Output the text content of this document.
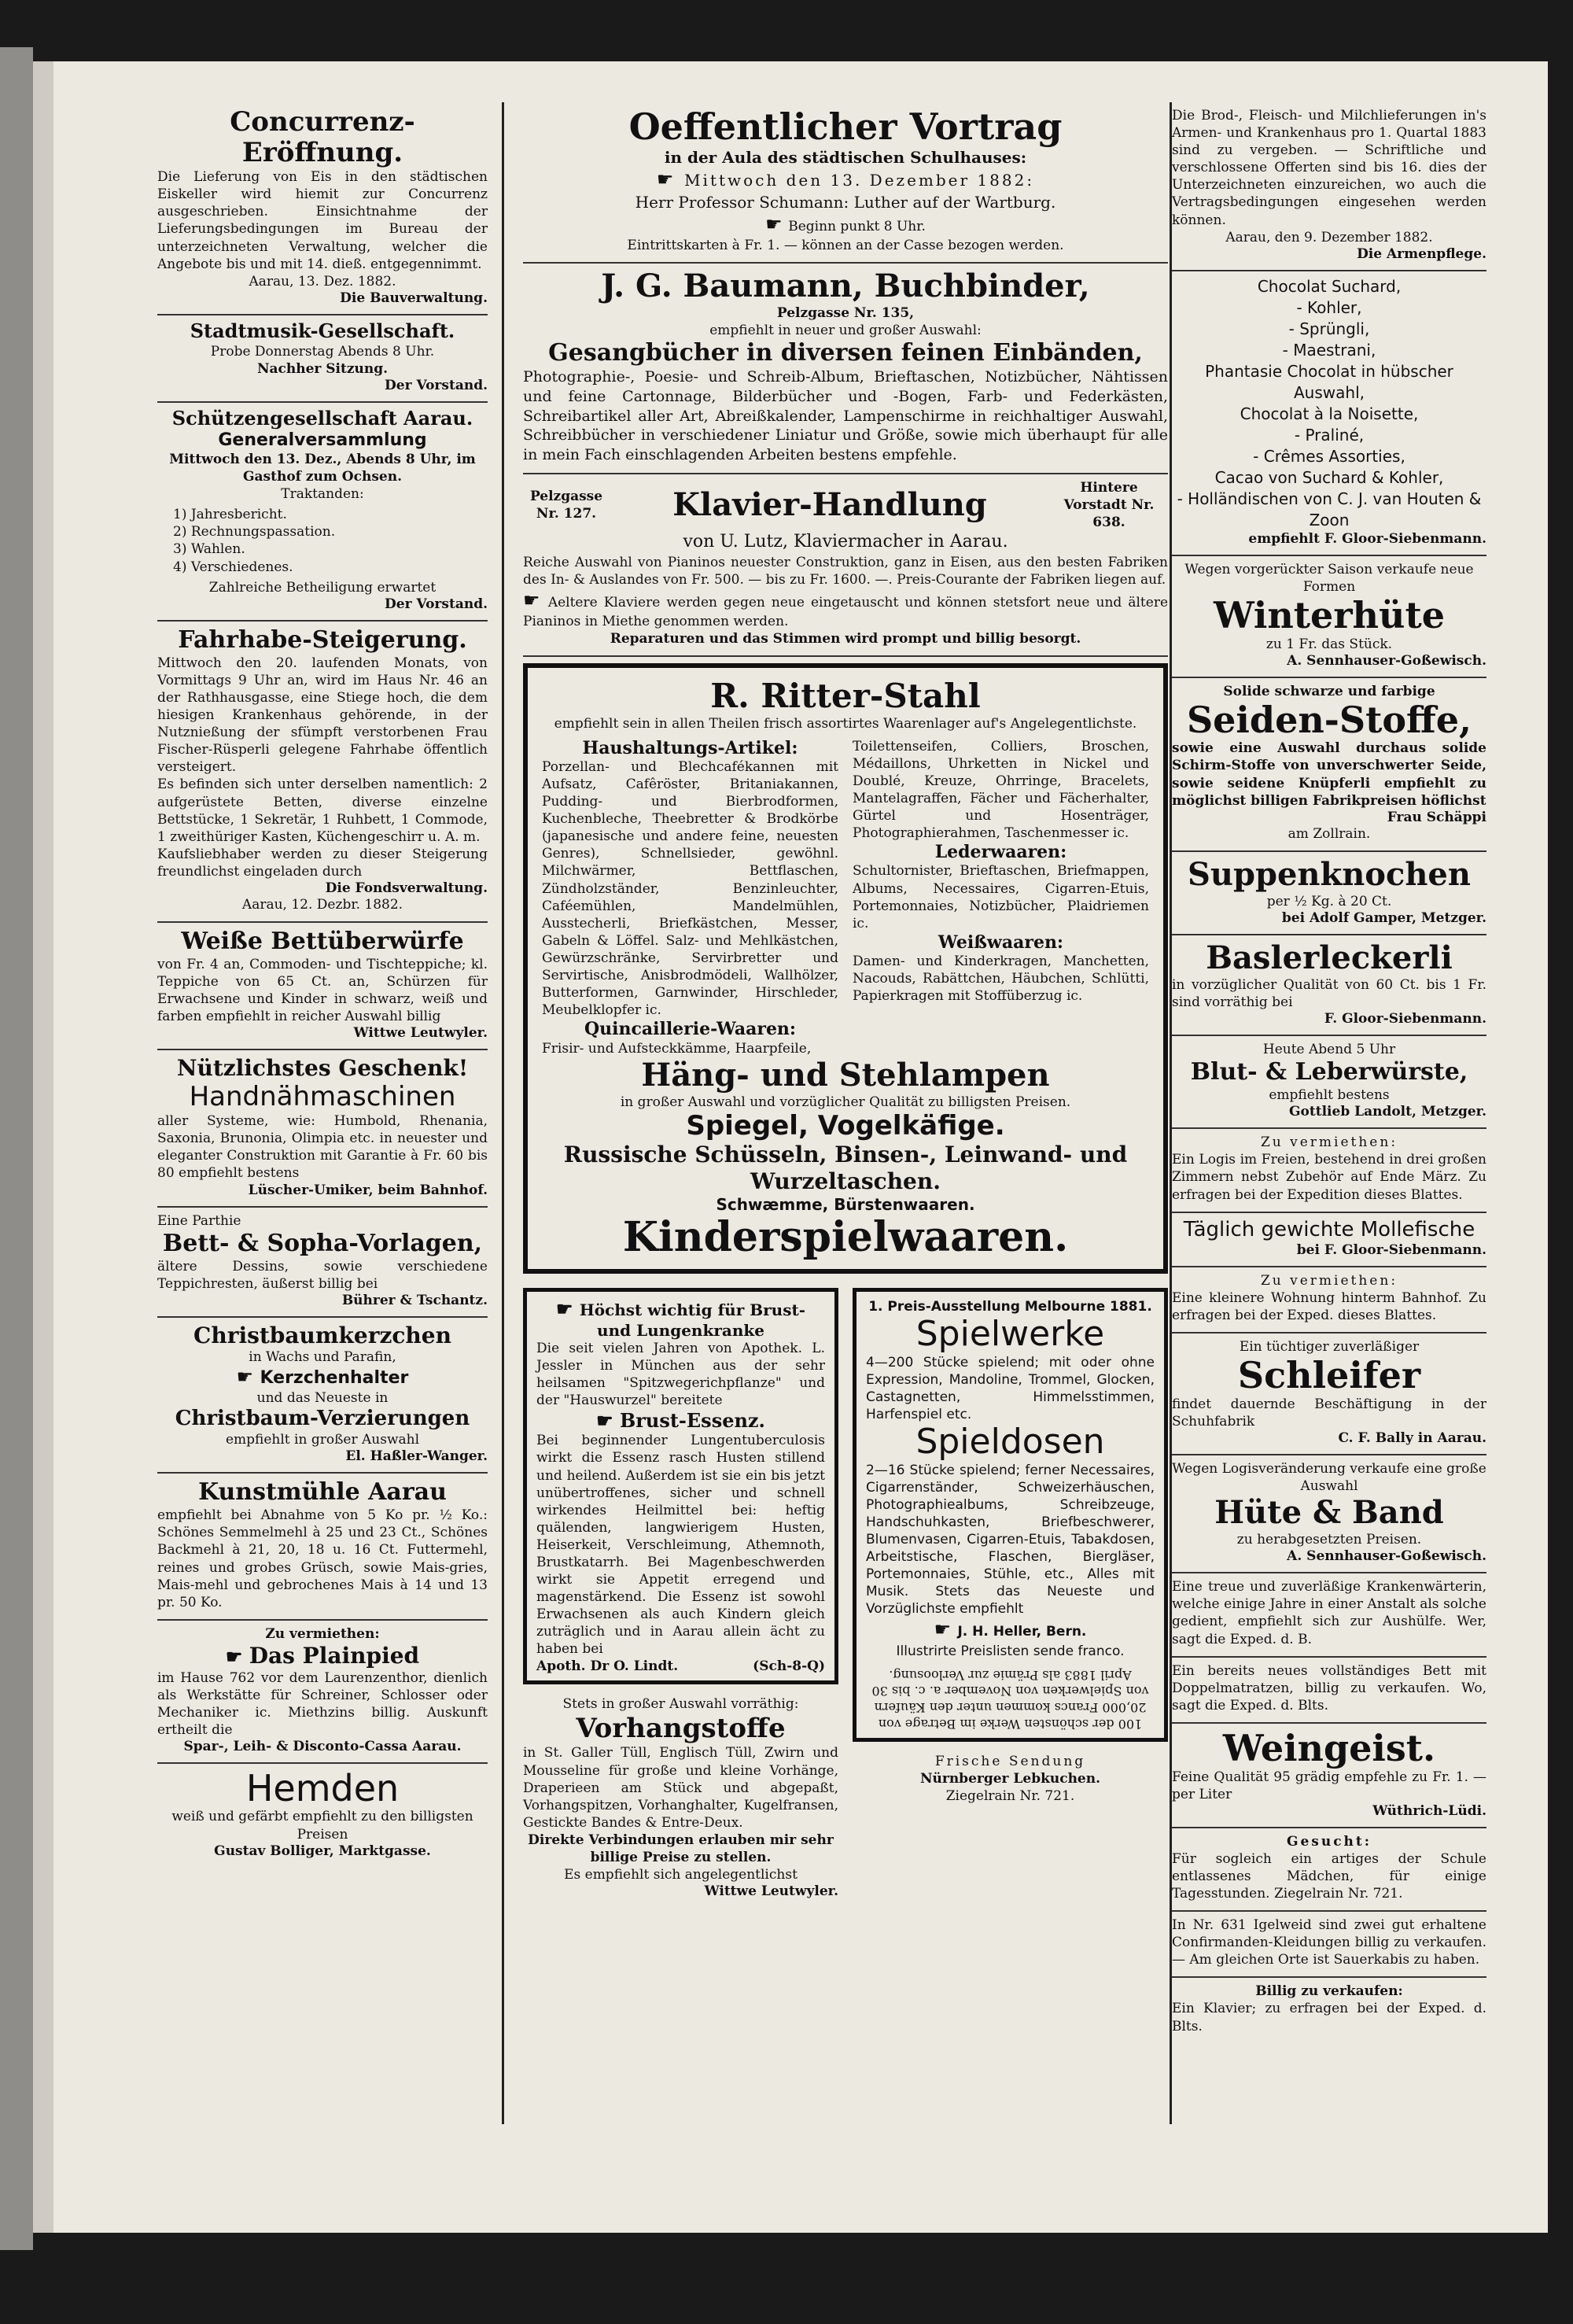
Concurrenz-Eröffnung.
Die Lieferung von Eis in den städtischen Eiskeller wird hiemit zur Concurrenz ausgeschrieben. Einsichtnahme der Lieferungsbedingungen im Bureau der unterzeichneten Verwaltung, welcher die Angebote bis und mit 14. dieß. entgegennimmt.
Aarau, 13. Dez. 1882.
Die Bauverwaltung.
Stadtmusik-Gesellschaft.
Probe Donnerstag Abends 8 Uhr.
Nachher Sitzung.
Der Vorstand.
Schützengesellschaft Aarau.
Generalversammlung
Mittwoch den 13. Dez., Abends 8 Uhr, im Gasthof zum Ochsen.
Traktanden:
1) Jahresbericht.
2) Rechnungspassation.
3) Wahlen.
4) Verschiedenes.
Zahlreiche Betheiligung erwartet
Der Vorstand.
Fahrhabe-Steigerung.
Mittwoch den 20. laufenden Monats, von Vormittags 9 Uhr an, wird im Haus Nr. 46 an der Rathhausgasse, eine Stiege hoch, die dem hiesigen Krankenhaus gehörende, in der Nutznießung der sfümpft verstorbenen Frau Fischer-Rüsperli gelegene Fahrhabe öffentlich versteigert.
Es befinden sich unter derselben namentlich: 2 aufgerüstete Betten, diverse einzelne Bettstücke, 1 Sekretär, 1 Ruhbett, 1 Commode, 1 zweithüriger Kasten, Küchengeschirr u. A. m.
Kaufsliebhaber werden zu dieser Steigerung freundlichst eingeladen durch
Die Fondsverwaltung.
Aarau, 12. Dezbr. 1882.
Weiße Bettüberwürfe
von Fr. 4 an, Commoden- und Tischteppiche; kl. Teppiche von 65 Ct. an, Schürzen für Erwachsene und Kinder in schwarz, weiß und farben empfiehlt in reicher Auswahl billig
Wittwe Leutwyler.
Nützlichstes Geschenk!
Handnähmaschinen
aller Systeme, wie: Humbold, Rhenania, Saxonia, Brunonia, Olimpia etc. in neuester und eleganter Construktion mit Garantie à Fr. 60 bis 80 empfiehlt bestens
Lüscher-Umiker, beim Bahnhof.
Eine Parthie
Bett- & Sopha-Vorlagen,
ältere Dessins, sowie verschiedene Teppichresten, äußerst billig bei
Bührer & Tschantz.
Christbaumkerzchen
in Wachs und Parafin,
☛ Kerzchenhalter
und das Neueste in
Christbaum-Verzierungen
empfiehlt in großer Auswahl
El. Haßler-Wanger.
Kunstmühle Aarau
empfiehlt bei Abnahme von 5 Ko pr. ½ Ko.: Schönes Semmelmehl à 25 und 23 Ct., Schönes Backmehl à 21, 20, 18 u. 16 Ct. Futtermehl, reines und grobes Grüsch, sowie Mais-gries, Mais-mehl und gebrochenes Mais à 14 und 13 pr. 50 Ko.
Zu vermiethen:
☛ Das Plainpied
im Hause 762 vor dem Laurenzenthor, dienlich als Werkstätte für Schreiner, Schlosser oder Mechaniker ic. Miethzins billig. Auskunft ertheilt die
Spar-, Leih- & Disconto-Cassa Aarau.
Hemden
weiß und gefärbt empfiehlt zu den billigsten Preisen
Gustav Bolliger, Marktgasse.
Oeffentlicher Vortrag
in der Aula des städtischen Schulhauses:
☛ Mittwoch den 13. Dezember 1882:
Herr Professor Schumann: Luther auf der Wartburg.
☛ Beginn punkt 8 Uhr.
Eintrittskarten à Fr. 1. — können an der Casse bezogen werden.
J. G. Baumann, Buchbinder,
Pelzgasse Nr. 135,
empfiehlt in neuer und großer Auswahl:
Gesangbücher in diversen feinen Einbänden,
Photographie-, Poesie- und Schreib-Album, Brieftaschen, Notizbücher, Nähtissen und feine Cartonnage, Bilderbücher und -Bogen, Farb- und Federkästen, Schreibartikel aller Art, Abreißkalender, Lampenschirme in reichhaltiger Auswahl, Schreibbücher in verschiedener Liniatur und Größe, sowie mich überhaupt für alle in mein Fach einschlagenden Arbeiten bestens empfehle.
Pelzgasse Nr. 127.	Klavier-Handlung	Hintere Vorstadt Nr. 638.
von U. Lutz, Klaviermacher in Aarau.
Reiche Auswahl von Pianinos neuester Construktion, ganz in Eisen, aus den besten Fabriken des In- & Auslandes von Fr. 500. — bis zu Fr. 1600. —. Preis-Courante der Fabriken liegen auf.
☛ Aeltere Klaviere werden gegen neue eingetauscht und können stetsfort neue und ältere Pianinos in Miethe genommen werden.
Reparaturen und das Stimmen wird prompt und billig besorgt.
R. Ritter-Stahl
empfiehlt sein in allen Theilen frisch assortirtes Waarenlager auf's Angelegentlichste.
Haushaltungs-Artikel:
Porzellan- und Blechcafékannen mit Aufsatz, Cafêröster, Britaniakannen, Pudding- und Bierbrodformen, Kuchenbleche, Theebretter & Brodkörbe (japanesische und andere feine, neuesten Genres), Schnellsieder, gewöhnl. Milchwärmer, Bettflaschen, Zündholzständer, Benzinleuchter, Caféemühlen, Mandelmühlen, Ausstecherli, Briefkästchen, Messer, Gabeln & Löffel. Salz- und Mehlkästchen, Gewürzschränke, Servirbretter und Servirtische, Anisbrodmödeli, Wallhölzer, Butterformen, Garnwinder, Hirschleder, Meubelklopfer ic.
Quincaillerie-Waaren:
Frisir- und Aufsteckkämme, Haarpfeile,
Toilettenseifen, Colliers, Broschen, Médaillons, Uhrketten in Nickel und Doublé, Kreuze, Ohrringe, Bracelets, Mantelagraffen, Fächer und Fächerhalter, Gürtel und Hosenträger, Photographierahmen, Taschenmesser ic.
Lederwaaren:
Schultornister, Brieftaschen, Briefmappen, Albums, Necessaires, Cigarren-Etuis, Portemonnaies, Notizbücher, Plaidriemen ic.
Weißwaaren:
Damen- und Kinderkragen, Manchetten, Nacouds, Rabättchen, Häubchen, Schlütti, Papierkragen mit Stoffüberzug ic.
Häng- und Stehlampen
in großer Auswahl und vorzüglicher Qualität zu billigsten Preisen.
Spiegel, Vogelkäfige.
Russische Schüsseln, Binsen-, Leinwand- und Wurzeltaschen.
Schwæmme, Bürstenwaaren.
Kinderspielwaaren.
☛ Höchst wichtig für Brust- und Lungenkranke
Die seit vielen Jahren von Apothek. L. Jessler in München aus der sehr heilsamen "Spitzwegerichpflanze" und der "Hauswurzel" bereitete
☛ Brust-Essenz.
Bei beginnender Lungentuberculosis wirkt die Essenz rasch Husten stillend und heilend. Außerdem ist sie ein bis jetzt unübertroffenes, sicher und schnell wirkendes Heilmittel bei: heftig quälenden, langwierigem Husten, Heiserkeit, Verschleimung, Athemnoth, Brustkatarrh. Bei Magenbeschwerden wirkt sie Appetit erregend und magenstärkend. Die Essenz ist sowohl Erwachsenen als auch Kindern gleich zuträglich und in Aarau allein ächt zu haben bei
Apoth. Dr O. Lindt.	(Sch-8-Q)
Stets in großer Auswahl vorräthig:
Vorhangstoffe
in St. Galler Tüll, Englisch Tüll, Zwirn und Mousseline für große und kleine Vorhänge, Draperieen am Stück und abgepaßt, Vorhangspitzen, Vorhanghalter, Kugelfransen, Gestickte Bandes & Entre-Deux.
Direkte Verbindungen erlauben mir sehr billige Preise zu stellen.
Es empfiehlt sich angelegentlichst
Wittwe Leutwyler.
1. Preis-Ausstellung Melbourne 1881.
Spielwerke
4—200 Stücke spielend; mit oder ohne Expression, Mandoline, Trommel, Glocken, Castagnetten, Himmelsstimmen, Harfenspiel etc.
Spieldosen
2—16 Stücke spielend; ferner Necessaires, Cigarrenständer, Schweizerhäuschen, Photographiealbums, Schreibzeuge, Handschuhkasten, Briefbeschwerer, Blumenvasen, Cigarren-Etuis, Tabakdosen, Arbeitstische, Flaschen, Biergläser, Portemonnaies, Stühle, etc., Alles mit Musik. Stets das Neueste und Vorzüglichste empfiehlt
☛ J. H. Heller, Bern.
Illustrirte Preislisten sende franco.
100 der schönsten Werke im Betrage von 20,000 Francs kommen unter den Käufern von Spielwerken von November a. c. bis 30 April 1883 als Prämie zur Verloosung.
Frische Sendung
Nürnberger Lebkuchen.
Ziegelrain Nr. 721.
Die Brod-, Fleisch- und Milchlieferungen in's Armen- und Krankenhaus pro 1. Quartal 1883 sind zu vergeben. — Schriftliche und verschlossene Offerten sind bis 16. dies der Unterzeichneten einzureichen, wo auch die Vertragsbedingungen eingesehen werden können.
Aarau, den 9. Dezember 1882.
Die Armenpflege.
Chocolat Suchard,
- Kohler,
- Sprüngli,
- Maestrani,
Phantasie Chocolat in hübscher Auswahl,
Chocolat à la Noisette,
- Praliné,
- Crêmes Assorties,
Cacao von Suchard & Kohler,
- Holländischen von C. J. van Houten & Zoon
empfiehlt F. Gloor-Siebenmann.
Wegen vorgerückter Saison verkaufe neue Formen
Winterhüte
zu 1 Fr. das Stück.
A. Sennhauser-Goßewisch.
Solide schwarze und farbige
Seiden-Stoffe,
sowie eine Auswahl durchaus solide Schirm-Stoffe von unverschwerter Seide, sowie seidene Knüpferli empfiehlt zu möglichst billigen Fabrikpreisen höflichst
Frau Schäppi
am Zollrain.
Suppenknochen
per ½ Kg. à 20 Ct.
bei Adolf Gamper, Metzger.
Baslerleckerli
in vorzüglicher Qualität von 60 Ct. bis 1 Fr. sind vorräthig bei
F. Gloor-Siebenmann.
Heute Abend 5 Uhr
Blut- & Leberwürste,
empfiehlt bestens
Gottlieb Landolt, Metzger.
Zu vermiethen:
Ein Logis im Freien, bestehend in drei großen Zimmern nebst Zubehör auf Ende März. Zu erfragen bei der Expedition dieses Blattes.
Täglich gewichte Mollefische
bei F. Gloor-Siebenmann.
Zu vermiethen:
Eine kleinere Wohnung hinterm Bahnhof. Zu erfragen bei der Exped. dieses Blattes.
Ein tüchtiger zuverläßiger
Schleifer
findet dauernde Beschäftigung in der Schuhfabrik
C. F. Bally in Aarau.
Wegen Logisveränderung verkaufe eine große Auswahl
Hüte & Band
zu herabgesetzten Preisen.
A. Sennhauser-Goßewisch.
Eine treue und zuverläßige Krankenwärterin, welche einige Jahre in einer Anstalt als solche gedient, empfiehlt sich zur Aushülfe. Wer, sagt die Exped. d. B.
Ein bereits neues vollständiges Bett mit Doppelmatratzen, billig zu verkaufen. Wo, sagt die Exped. d. Blts.
Weingeist.
Feine Qualität 95 grädig empfehle zu Fr. 1. — per Liter
Wüthrich-Lüdi.
Gesucht:
Für sogleich ein artiges der Schule entlassenes Mädchen, für einige Tagesstunden. Ziegelrain Nr. 721.
In Nr. 631 Igelweid sind zwei gut erhaltene Confirmanden-Kleidungen billig zu verkaufen. — Am gleichen Orte ist Sauerkabis zu haben.
Billig zu verkaufen:
Ein Klavier; zu erfragen bei der Exped. d. Blts.
